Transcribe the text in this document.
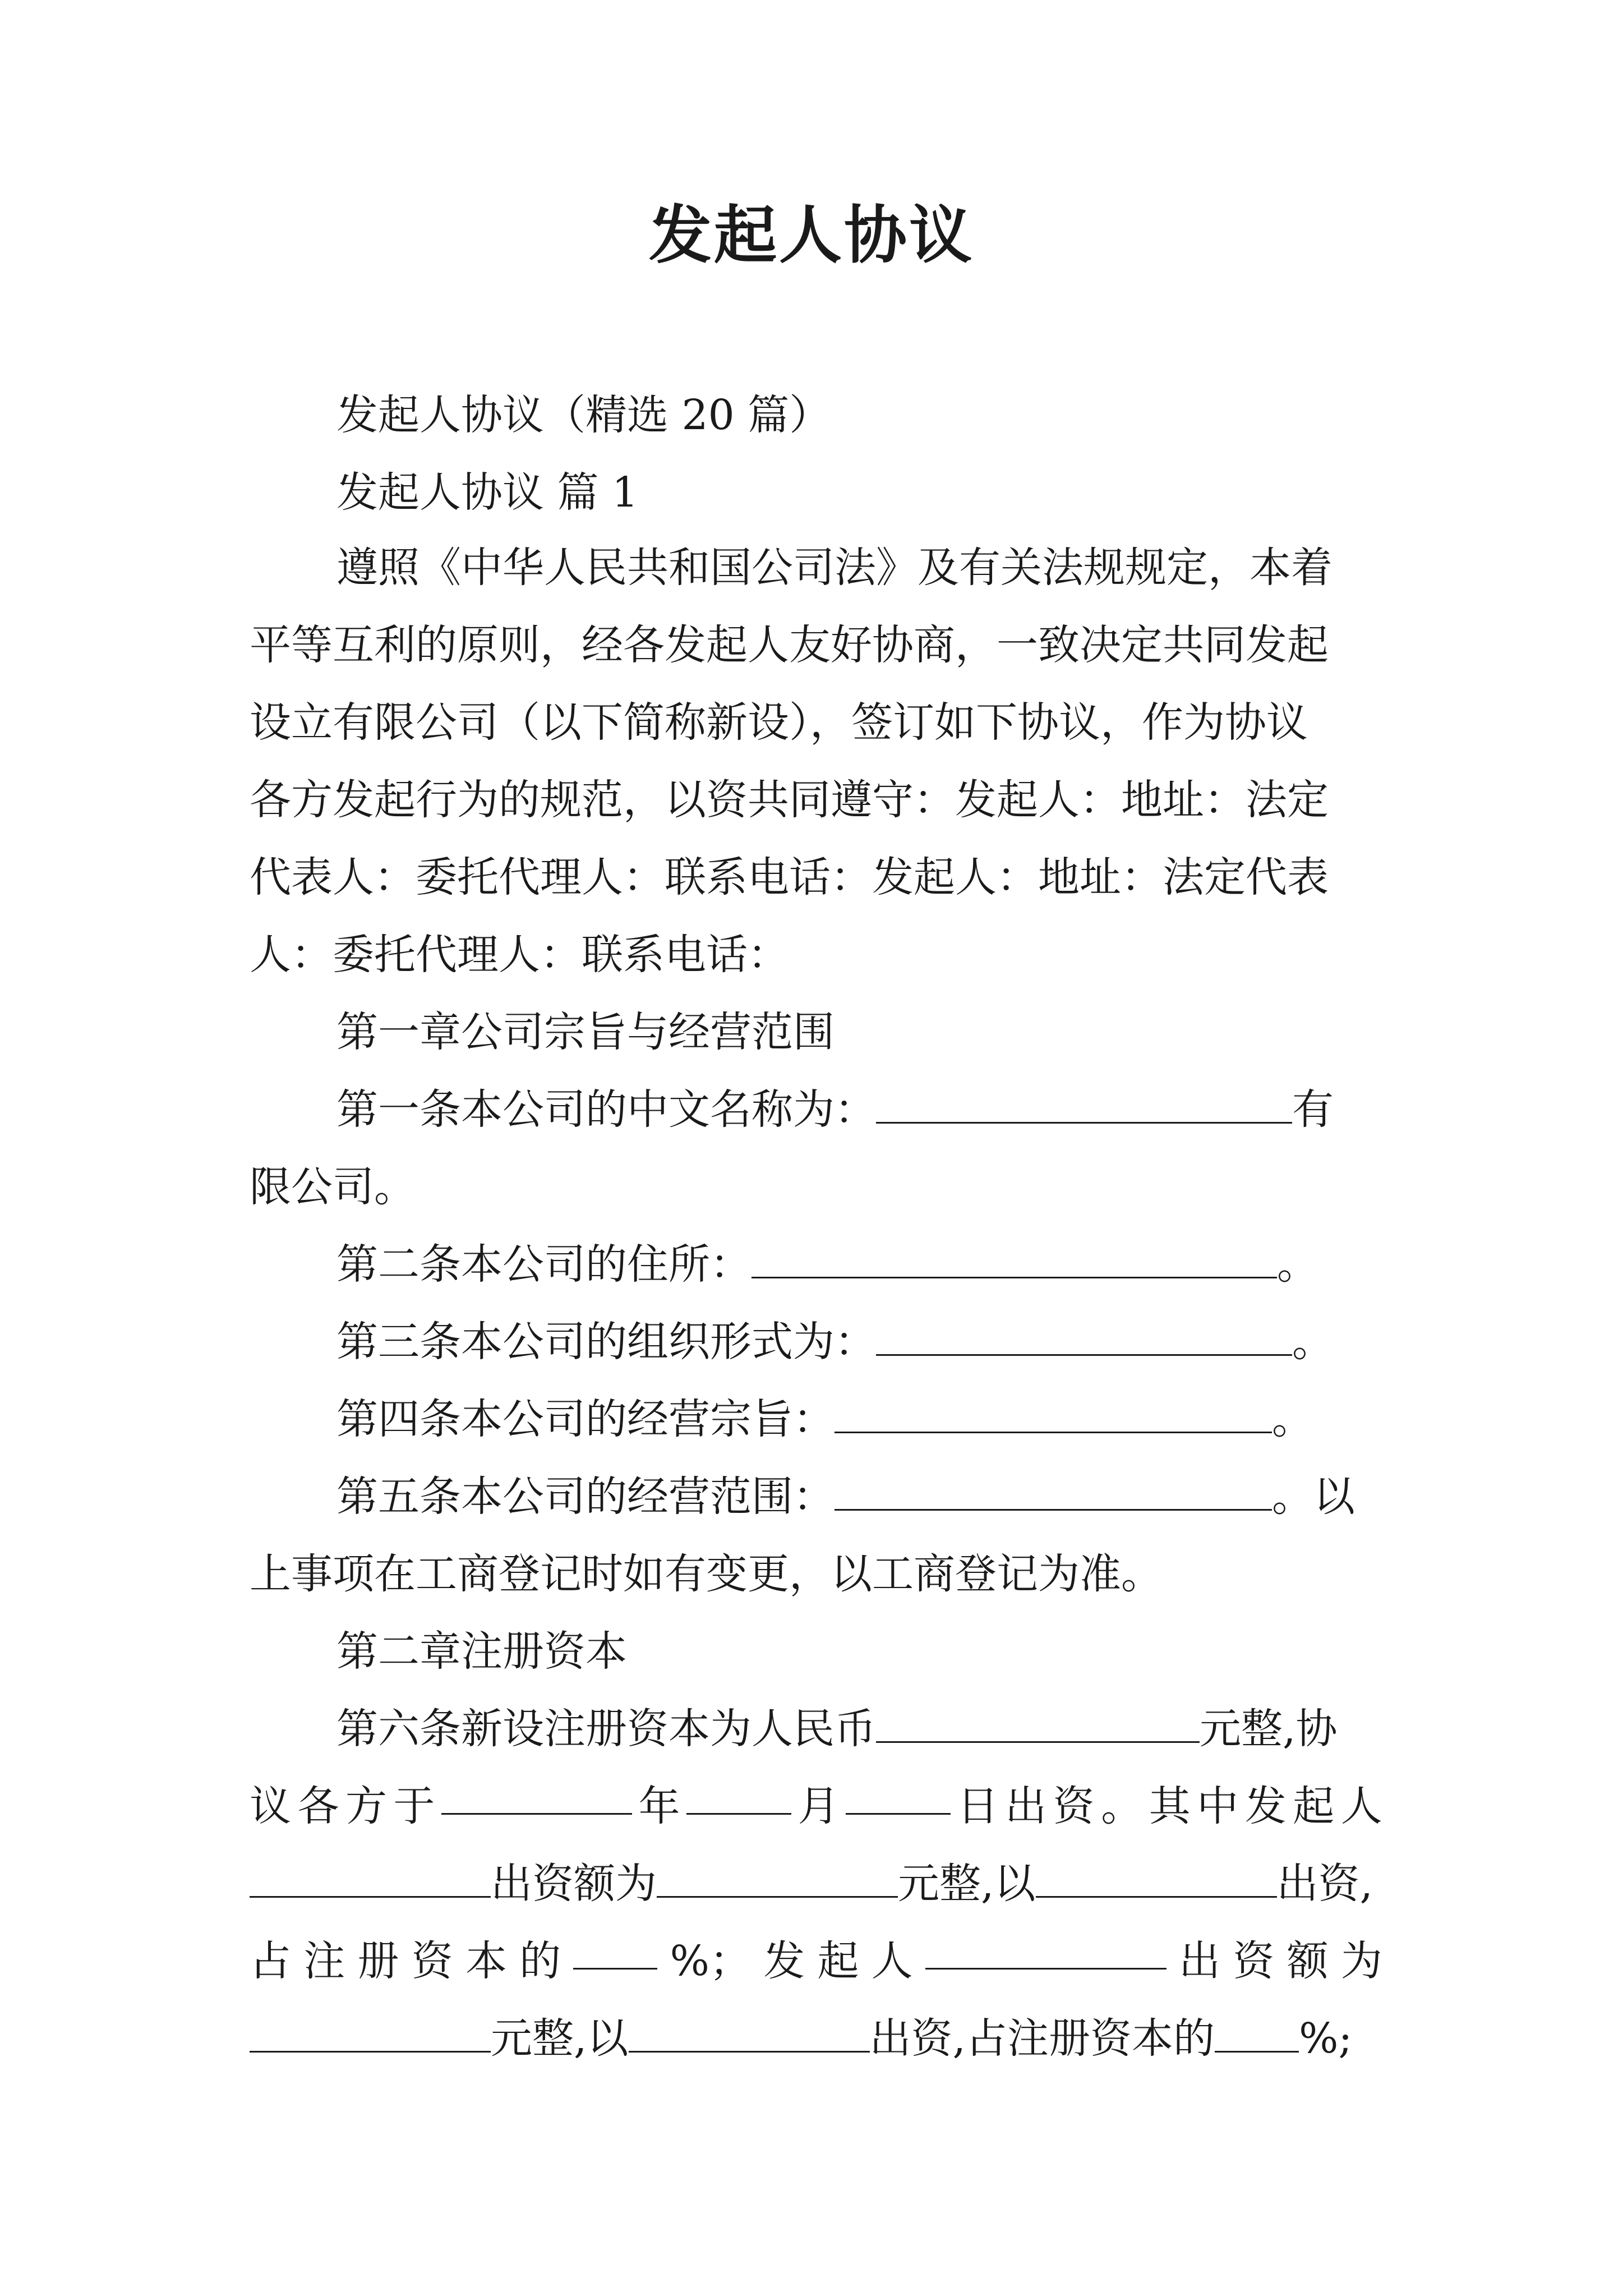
发起人协议
发起人协议（精选 20 篇）
发起人协议 篇 1
遵照《中华人民共和国公司法》及有关法规规定，本着
平等互利的原则，经各发起人友好协商，一致决定共同发起
设立有限公司（以下简称新设），签订如下协议，作为协议
各方发起行为的规范，以资共同遵守：发起人：地址：法定
代表人：委托代理人：联系电话：发起人：地址：法定代表
人：委托代理人：联系电话：
第一章公司宗旨与经营范围
第一条本公司的中文名称为：	有
限公司。
第二条本公司的住所：	。
第三条本公司的组织形式为：	。
第四条本公司的经营宗旨：	。
第五条本公司的经营范围：	。以
上事项在工商登记时如有变更，以工商登记为准。
第二章注册资本
第六条新设注册资本为人民币	元整,协
议 各 方 于	年	月	日 出 资 。 其 中 发 起 人
出资额为	元整,以	出资,
占 注 册 资 本 的	%； 发 起 人	出 资 额 为
元整,以	出资,占注册资本的 %;
